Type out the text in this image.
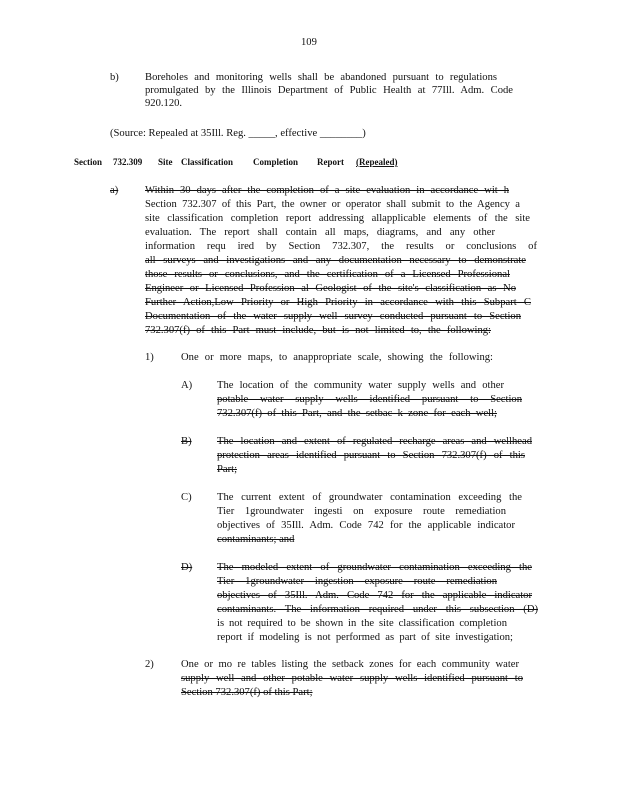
109
b) Boreholes and monitoring wells shall be abandoned pursuant to regulations
promulgated by the Illinois Department of Public Health at 77Ill. Adm. Code
920.120.
(Source: Repealed at 35Ill. Reg. _____, effective ________)
Section 732.309 Site Classification Completion Report (Repealed)
a)	Within 30 days after the completion of a site evaluation in accordance wit h
Section 732.307 of this Part, the owner or operator shall submit to the Agency a
site classification completion report addressing allapplicable elements of the site
evaluation. The report shall contain all maps, diagrams, and any other
information requ ired by Section 732.307, the results or conclusions of
all surveys and investigations and any documentation necessary to demonstrate
those results or conclusions, and the certification of a Licensed Professional
Engineer or Licensed Profession al Geologist of the site's classification as No
Further Action,Low Priority or High Priority in accordance with this Subpart C
Documentation of the water supply well survey conducted pursuant to Section
732.307(f) of this Part must include, but is not limited to, the following:
1)	One or more maps, to anappropriate scale, showing the following:
A) The location of the community water supply wells and other
potable water supply wells identified pursuant to Section
732.307(f) of this Part, and the setbac k zone for each well;
B) The location and extent of regulated recharge areas and wellhead
protection areas identified pursuant to Section 732.307(f) of this
Part;
C) The current extent of groundwater contamination exceeding the
Tier 1groundwater ingesti on exposure route remediation
objectives of 35Ill. Adm. Code 742 for the applicable indicator
contaminants; and
D) The modeled extent of groundwater contamination exceeding the
Tier 1groundwater ingestion exposure route remediation
objectives of 35Ill. Adm. Code 742 for the applicable indicator
contaminants. The information required under this subsection (D)
is not required to be shown in the site classification completion
report if modeling is not performed as part of site investigation;
2)	One or mo re tables listing the setback zones for each community water
supply well and other potable water supply wells identified pursuant to
Section 732.307(f) of this Part;
